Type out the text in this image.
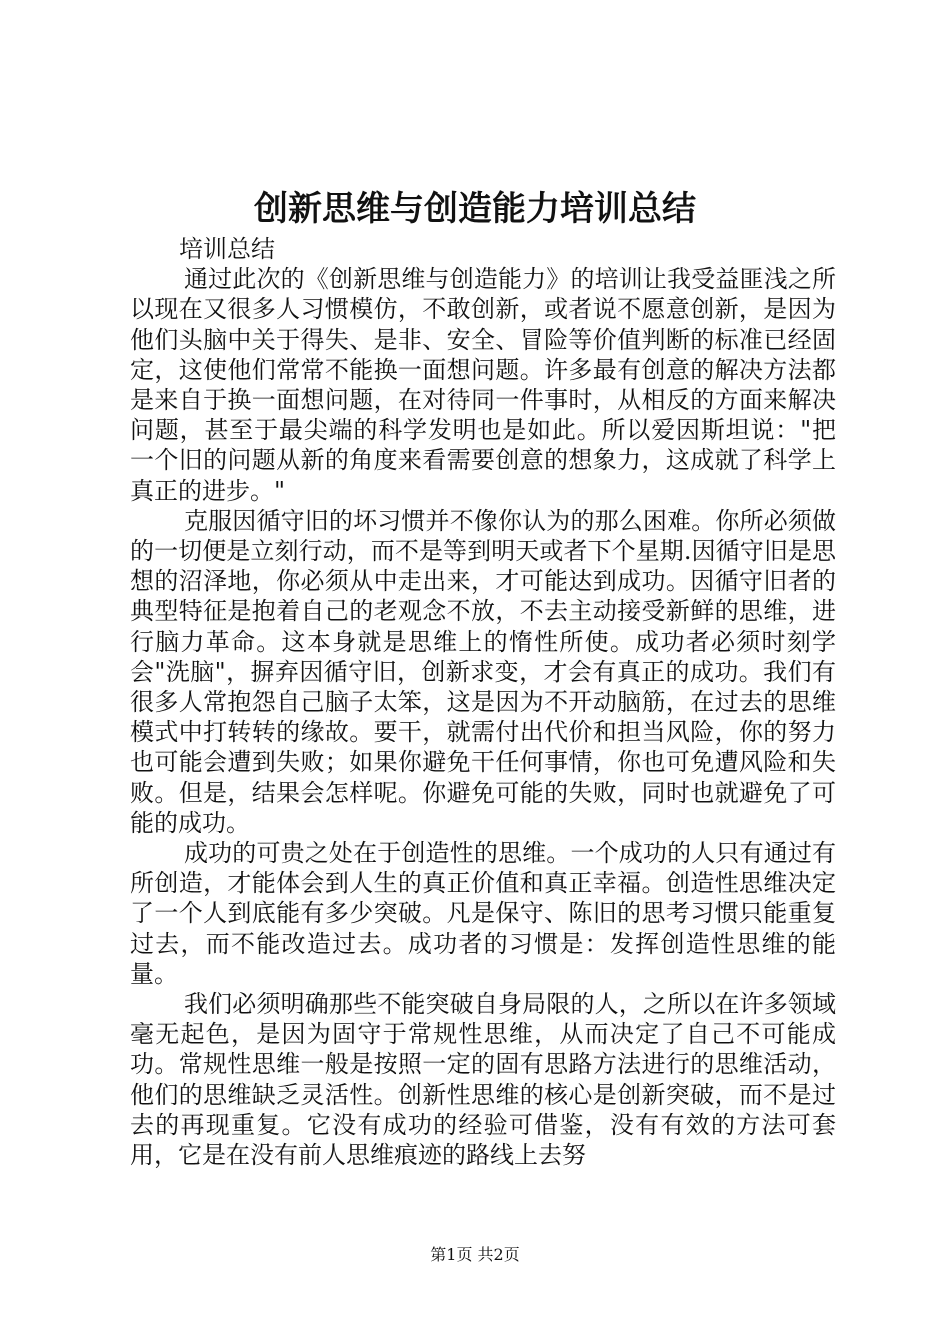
创新思维与创造能力培训总结

培训总结

通过此次的《创新思维与创造能力》的培训让我受益匪浅之所以现在又很多人习惯模仿，不敢创新，或者说不愿意创新，是因为他们头脑中关于得失、是非、安全、冒险等价值判断的标准已经固定，这使他们常常不能换一面想问题。许多最有创意的解决方法都是来自于换一面想问题，在对待同一件事时，从相反的方面来解决问题，甚至于最尖端的科学发明也是如此。所以爱因斯坦说："把一个旧的问题从新的角度来看需要创意的想象力，这成就了科学上真正的进步。"

克服因循守旧的坏习惯并不像你认为的那么困难。你所必须做的一切便是立刻行动，而不是等到明天或者下个星期.因循守旧是思想的沼泽地，你必须从中走出来，才可能达到成功。因循守旧者的典型特征是抱着自己的老观念不放，不去主动接受新鲜的思维，进行脑力革命。这本身就是思维上的惰性所使。成功者必须时刻学会"洗脑"，摒弃因循守旧，创新求变，才会有真正的成功。我们有很多人常抱怨自己脑子太笨，这是因为不开动脑筋，在过去的思维模式中打转转的缘故。要干，就需付出代价和担当风险，你的努力也可能会遭到失败；如果你避免干任何事情，你也可免遭风险和失败。但是，结果会怎样呢。你避免可能的失败，同时也就避免了可能的成功。

成功的可贵之处在于创造性的思维。一个成功的人只有通过有所创造，才能体会到人生的真正价值和真正幸福。创造性思维决定了一个人到底能有多少突破。凡是保守、陈旧的思考习惯只能重复过去，而不能改造过去。成功者的习惯是：发挥创造性思维的能量。

我们必须明确那些不能突破自身局限的人，之所以在许多领域毫无起色，是因为固守于常规性思维，从而决定了自己不可能成功。常规性思维一般是按照一定的固有思路方法进行的思维活动，他们的思维缺乏灵活性。创新性思维的核心是创新突破，而不是过去的再现重复。它没有成功的经验可借鉴，没有有效的方法可套用，它是在没有前人思维痕迹的路线上去努

第1页 共2页
